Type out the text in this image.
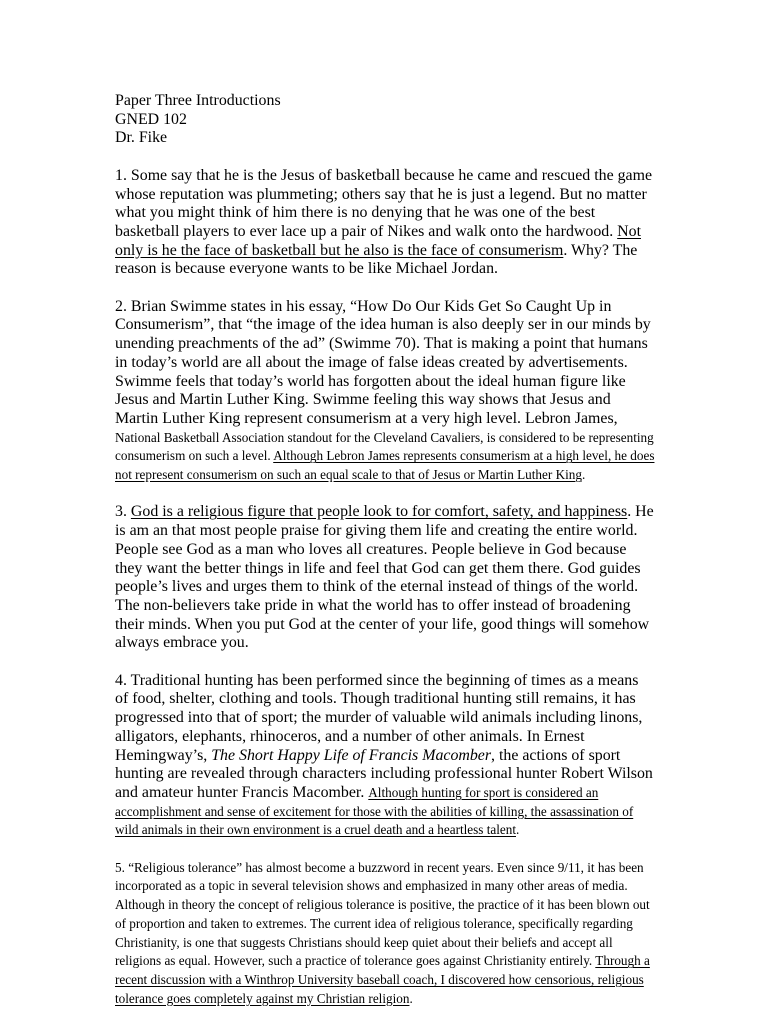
Paper Three Introductions

GNED 102

Dr. Fike

1. Some say that he is the Jesus of basketball because he came and rescued the game whose reputation was plummeting; others say that he is just a legend. But no matter what you might think of him there is no denying that he was one of the best basketball players to ever lace up a pair of Nikes and walk onto the hardwood. Not only is he the face of basketball but he also is the face of consumerism. Why? The reason is because everyone wants to be like Michael Jordan.

2. Brian Swimme states in his essay, “How Do Our Kids Get So Caught Up in Consumerism”, that “the image of the idea human is also deeply ser in our minds by unending preachments of the ad” (Swimme 70). That is making a point that humans in today’s world are all about the image of false ideas created by advertisements. Swimme feels that today’s world has forgotten about the ideal human figure like Jesus and Martin Luther King. Swimme feeling this way shows that Jesus and Martin Luther King represent consumerism at a very high level. Lebron James, National Basketball Association standout for the Cleveland Cavaliers, is considered to be representing consumerism on such a level. Although Lebron James represents consumerism at a high level, he does not represent consumerism on such an equal scale to that of Jesus or Martin Luther King.

3. God is a religious figure that people look to for comfort, safety, and happiness. He is am an that most people praise for giving them life and creating the entire world. People see God as a man who loves all creatures. People believe in God because they want the better things in life and feel that God can get them there. God guides people’s lives and urges them to think of the eternal instead of things of the world. The non-believers take pride in what the world has to offer instead of broadening their minds. When you put God at the center of your life, good things will somehow always embrace you.

4. Traditional hunting has been performed since the beginning of times as a means of food, shelter, clothing and tools. Though traditional hunting still remains, it has progressed into that of sport; the murder of valuable wild animals including linons, alligators, elephants, rhinoceros, and a number of other animals. In Ernest Hemingway’s, The Short Happy Life of Francis Macomber, the actions of sport hunting are revealed through characters including professional hunter Robert Wilson and amateur hunter Francis Macomber. Although hunting for sport is considered an accomplishment and sense of excitement for those with the abilities of killing, the assassination of wild animals in their own environment is a cruel death and a heartless talent.

5. “Religious tolerance” has almost become a buzzword in recent years. Even since 9/11, it has been incorporated as a topic in several television shows and emphasized in many other areas of media. Although in theory the concept of religious tolerance is positive, the practice of it has been blown out of proportion and taken to extremes. The current idea of religious tolerance, specifically regarding Christianity, is one that suggests Christians should keep quiet about their beliefs and accept all religions as equal. However, such a practice of tolerance goes against Christianity entirely. Through a recent discussion with a Winthrop University baseball coach, I discovered how censorious, religious tolerance goes completely against my Christian religion.
